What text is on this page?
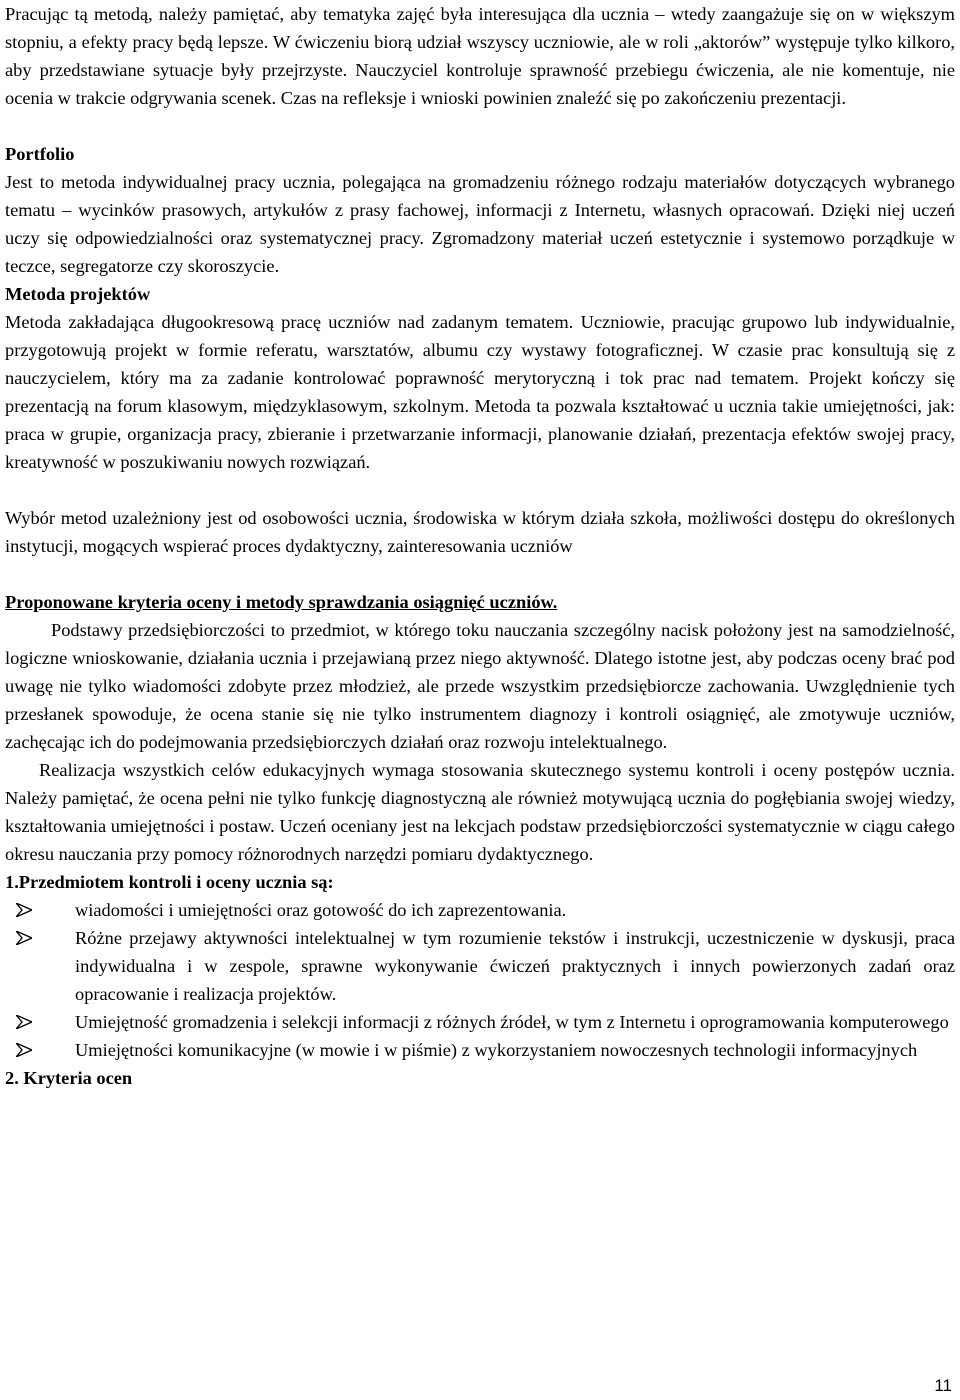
Pracując tą metodą, należy pamiętać, aby tematyka zajęć była interesująca dla ucznia – wtedy zaangażuje się on w większym stopniu, a efekty pracy będą lepsze. W ćwiczeniu biorą udział wszyscy uczniowie, ale w roli „aktorów” występuje tylko kilkoro, aby przedstawiane sytuacje były przejrzyste. Nauczyciel kontroluje sprawność przebiegu ćwiczenia, ale nie komentuje, nie ocenia w trakcie odgrywania scenek. Czas na refleksje i wnioski powinien znaleźć się po zakończeniu prezentacji.

Portfolio

Jest to metoda indywidualnej pracy ucznia, polegająca na gromadzeniu różnego rodzaju materiałów dotyczących wybranego tematu – wycinków prasowych, artykułów z prasy fachowej, informacji z Internetu, własnych opracowań. Dzięki niej uczeń uczy się odpowiedzialności oraz systematycznej pracy. Zgromadzony materiał uczeń estetycznie i systemowo porządkuje w teczce, segregatorze czy skoroszycie.

Metoda projektów

Metoda zakładająca długookresową pracę uczniów nad zadanym tematem. Uczniowie, pracując grupowo lub indywidualnie, przygotowują projekt w formie referatu, warsztatów, albumu czy wystawy fotograficznej. W czasie prac konsultują się z nauczycielem, który ma za zadanie kontrolować poprawność merytoryczną i tok prac nad tematem. Projekt kończy się prezentacją na forum klasowym, międzyklasowym, szkolnym. Metoda ta pozwala kształtować u ucznia takie umiejętności, jak: praca w grupie, organizacja pracy, zbieranie i przetwarzanie informacji, planowanie działań, prezentacja efektów swojej pracy, kreatywność w poszukiwaniu nowych rozwiązań.

Wybór metod uzależniony jest od osobowości ucznia, środowiska w którym działa szkoła, możliwości dostępu do określonych instytucji, mogących wspierać proces dydaktyczny, zainteresowania uczniów

Proponowane kryteria oceny i metody sprawdzania osiągnięć uczniów.

Podstawy przedsiębiorczości to przedmiot, w którego toku nauczania szczególny nacisk położony jest na samodzielność, logiczne wnioskowanie, działania ucznia i przejawianą przez niego aktywność. Dlatego istotne jest, aby podczas oceny brać pod uwagę nie tylko wiadomości zdobyte przez młodzież, ale przede wszystkim przedsiębiorcze zachowania. Uwzględnienie tych przesłanek spowoduje, że ocena stanie się nie tylko instrumentem diagnozy i kontroli osiągnięć, ale zmotywuje uczniów, zachęcając ich do podejmowania przedsiębiorczych działań oraz rozwoju intelektualnego.

Realizacja wszystkich celów edukacyjnych wymaga stosowania skutecznego systemu kontroli i oceny postępów ucznia. Należy pamiętać, że ocena pełni nie tylko funkcję diagnostyczną ale również motywującą ucznia do pogłębiania swojej wiedzy, kształtowania umiejętności i postaw. Uczeń oceniany jest na lekcjach podstaw przedsiębiorczości systematycznie w ciągu całego okresu nauczania przy pomocy różnorodnych narzędzi pomiaru dydaktycznego.

1.Przedmiotem kontroli i oceny ucznia są:
wiadomości i umiejętności oraz gotowość do ich zaprezentowania.
Różne przejawy aktywności intelektualnej w tym rozumienie tekstów i instrukcji, uczestniczenie w dyskusji, praca indywidualna i w zespole, sprawne wykonywanie ćwiczeń praktycznych i innych powierzonych zadań oraz opracowanie i realizacja projektów.
Umiejętność gromadzenia i selekcji informacji z różnych źródeł, w tym z Internetu i oprogramowania komputerowego
Umiejętności komunikacyjne (w mowie i w piśmie) z wykorzystaniem nowoczesnych technologii informacyjnych
2. Kryteria ocen
11
